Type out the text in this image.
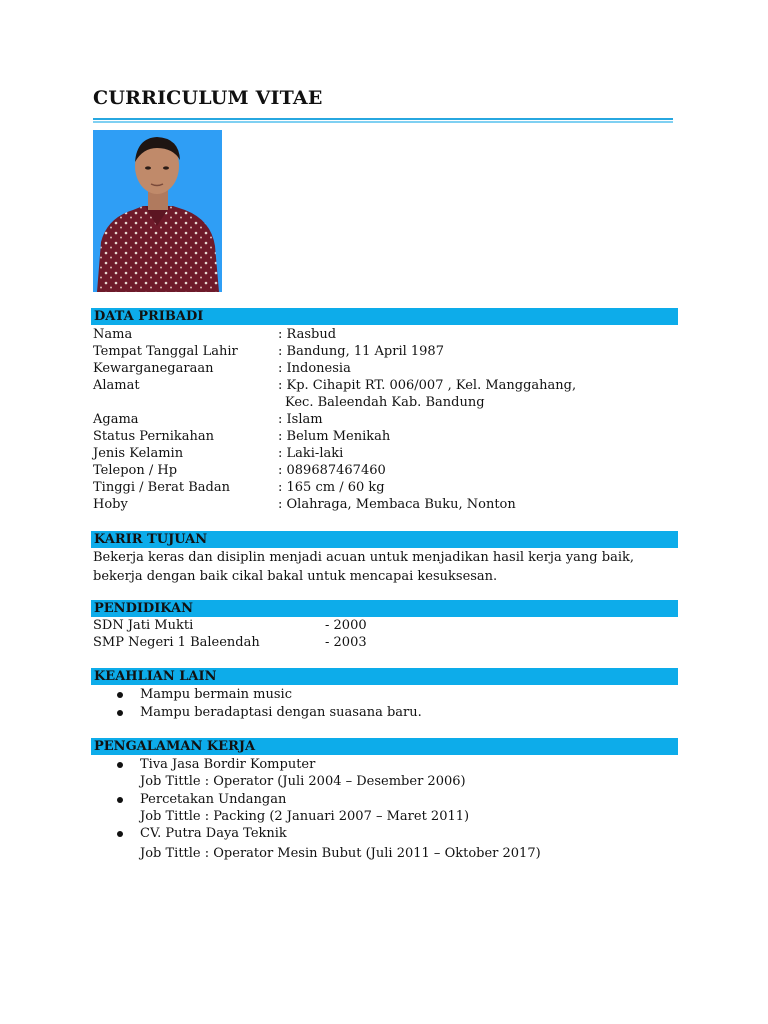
CURRICULUM VITAE
DATA PRIBADI
Nama	: Rasbud
Tempat Tanggal Lahir	: Bandung, 11 April 1987
Kewarganegaraan	: Indonesia
Alamat	: Kp. Cihapit RT. 006/007 , Kel. Manggahang,
Kec. Baleendah Kab. Bandung
Agama	: Islam
Status Pernikahan	: Belum Menikah
Jenis Kelamin	: Laki-laki
Telepon / Hp	: 089687467460
Tinggi / Berat Badan	: 165 cm / 60 kg
Hoby	: Olahraga, Membaca Buku, Nonton
KARIR TUJUAN
Bekerja keras dan disiplin menjadi acuan untuk menjadikan hasil kerja yang baik, bekerja dengan baik cikal bakal untuk mencapai kesuksesan.
PENDIDIKAN
SDN Jati Mukti	- 2000
SMP Negeri 1 Baleendah	- 2003
KEAHLIAN LAIN
Mampu bermain music
Mampu beradaptasi dengan suasana baru.
PENGALAMAN KERJA
Tiva Jasa Bordir Komputer
Job Tittle : Operator (Juli 2004 – Desember 2006)
Percetakan Undangan
Job Tittle : Packing (2 Januari 2007 – Maret 2011)
CV. Putra Daya Teknik
Job Tittle : Operator Mesin Bubut (Juli 2011 – Oktober 2017)
